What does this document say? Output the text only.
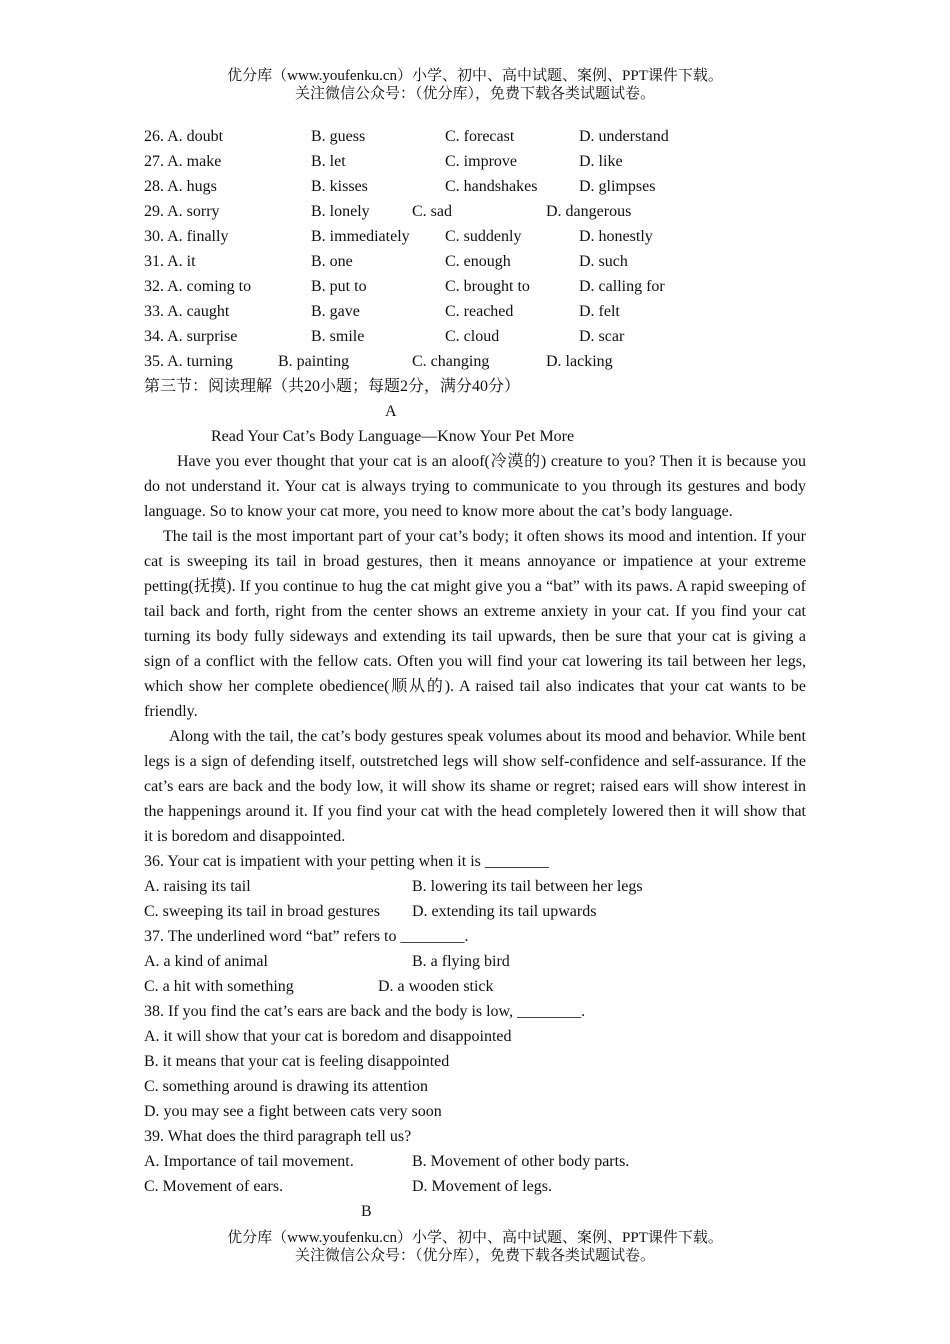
优分库（www.youfenku.cn）小学、初中、高中试题、案例、PPT课件下载。
关注微信公众号：（优分库），免费下载各类试题试卷。
26. A. doubt	B. guess	C. forecast	D. understand
27. A. make	B. let	C. improve	D. like
28. A. hugs	B. kisses	C. handshakes	D. glimpses
29. A. sorry	B. lonely	C. sad	D. dangerous
30. A. finally	B. immediately C. suddenly	D. honestly
31. A. it	B. one	C. enough	D. such
32. A. coming to	B. put to	C. brought to	D. calling for
33. A. caught	B. gave	C. reached	D. felt
34. A. surprise	B. smile	C. cloud	D. scar
35. A. turning	B. painting	C. changing	D. lacking
第三节：阅读理解（共20小题；每题2分，满分40分）
A
Read Your Cat’s Body Language—Know Your Pet More

Have you ever thought that your cat is an aloof(冷漠的) creature to you? Then it is because you do not understand it. Your cat is always trying to communicate to you through its gestures and body language. So to know your cat more, you need to know more about the cat’s body language.

The tail is the most important part of your cat’s body; it often shows its mood and intention. If your cat is sweeping its tail in broad gestures, then it means annoyance or impatience at your extreme petting(抚摸). If you continue to hug the cat might give you a “bat” with its paws. A rapid sweeping of tail back and forth, right from the center shows an extreme anxiety in your cat. If you find your cat turning its body fully sideways and extending its tail upwards, then be sure that your cat is giving a sign of a conflict with the fellow cats. Often you will find your cat lowering its tail between her legs, which show her complete obedience(顺从的). A raised tail also indicates that your cat wants to be friendly.

Along with the tail, the cat’s body gestures speak volumes about its mood and behavior. While bent legs is a sign of defending itself, outstretched legs will show self-confidence and self-assurance. If the cat’s ears are back and the body low, it will show its shame or regret; raised ears will show interest in the happenings around it. If you find your cat with the head completely lowered then it will show that it is boredom and disappointed.

36. Your cat is impatient with your petting when it is ________
A. raising its tail	B. lowering its tail between her legs
C. sweeping its tail in broad gestures D. extending its tail upwards
37. The underlined word “bat” refers to ________.
A. a kind of animal	B. a flying bird
C. a hit with something	D. a wooden stick
38. If you find the cat’s ears are back and the body is low, ________.
A. it will show that your cat is boredom and disappointed
B. it means that your cat is feeling disappointed
C. something around is drawing its attention
D. you may see a fight between cats very soon
39. What does the third paragraph tell us?
A. Importance of tail movement.	B. Movement of other body parts.
C. Movement of ears.	D. Movement of legs.
B
优分库（www.youfenku.cn）小学、初中、高中试题、案例、PPT课件下载。
关注微信公众号：（优分库），免费下载各类试题试卷。
